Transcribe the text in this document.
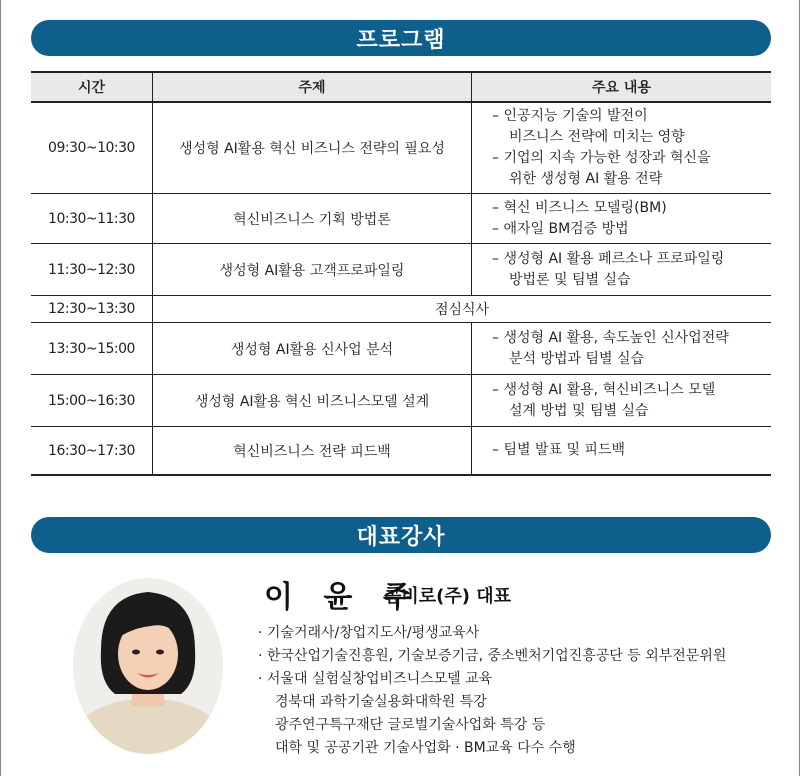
프로그램
시간	주제	주요 내용
09:30~10:30	생성형 AI활용 혁신 비즈니스 전략의 필요성	– 인공지능 기술의 발전이
비즈니스 전략에 미치는 영향
– 기업의 지속 가능한 성장과 혁신을
위한 생성형 AI 활용 전략

10:30~11:30	혁신비즈니스 기획 방법론	– 혁신 비즈니스 모델링(BM)
– 애자일 BM검증 방법

11:30~12:30	생성형 AI활용 고객프로파일링	– 생성형 AI 활용 페르소나 프로파일링
방법론 및 팀별 실습

12:30~13:30	점심식사	
13:30~15:00	생성형 AI활용 신사업 분석	– 생성형 AI 활용, 속도높인 신사업전략
분석 방법과 팀별 실습

15:00~16:30	생성형 AI활용 혁신 비즈니스모델 설계	– 생성형 AI 활용, 혁신비즈니스 모델
설계 방법 및 팀별 실습

16:30~17:30	혁신비즈니스 전략 피드백	– 팀별 발표 및 피드백
대표강사
이 윤 주
콤비로(주) 대표
· 기술거래사/창업지도사/평생교육사
· 한국산업기술진흥원, 기술보증기금, 중소벤처기업진흥공단 등 외부전문위원
· 서울대 실험실창업비즈니스모델 교육
경북대 과학기술실용화대학원 특강
광주연구특구재단 글로벌기술사업화 특강 등
대학 및 공공기관 기술사업화 · BM교육 다수 수행
